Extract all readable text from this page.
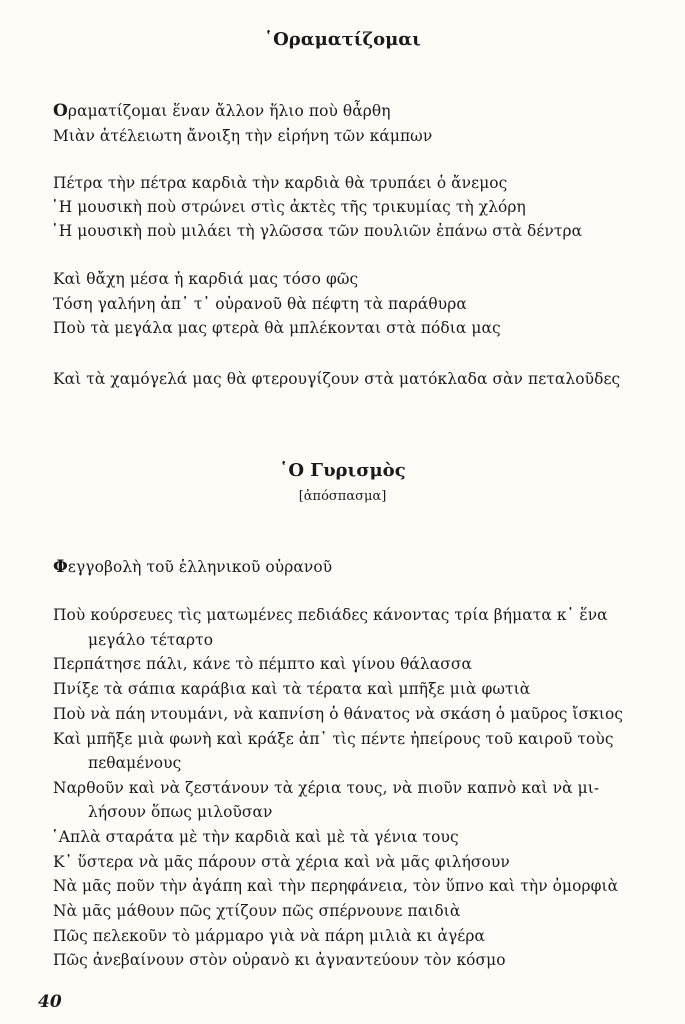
῾Οραματίζομαι
Οραματίζομαι ἕναν ἄλλον ἥλιο ποὺ θἆρθη
Μιὰν ἀτέλειωτη ἄνοιξη τὴν εἰρήνη τῶν κάμπων
Πέτρα τὴν πέτρα καρδιὰ τὴν καρδιὰ θὰ τρυπάει ὁ ἄνεμος
῾Η μουσικὴ ποὺ στρώνει στὶς ἀκτὲς τῆς τρικυμίας τὴ χλόρη
῾Η μουσικὴ ποὺ μιλάει τὴ γλῶσσα τῶν πουλιῶν ἐπάνω στὰ δέντρα
Καὶ θἄχη μέσα ἡ καρδιά μας τόσο φῶς
Τόση γαλήνη ἀπ᾿ τ᾿ οὐρανοῦ θὰ πέφτη τὰ παράθυρα
Ποὺ τὰ μεγάλα μας φτερὰ θὰ μπλέκονται στὰ πόδια μας
Καὶ τὰ χαμόγελά μας θὰ φτερουγίζουν στὰ ματόκλαδα σὰν πεταλοῦδες
῾Ο Γυρισμὸς
[ἀπόσπασμα]
Φεγγοβολὴ τοῦ ἑλληνικοῦ οὐρανοῦ
Ποὺ κούρσευες τὶς ματωμένες πεδιάδες κάνοντας τρία βήματα κ᾿ ἕνα
μεγάλο τέταρτο
Περπάτησε πάλι, κάνε τὸ πέμπτο καὶ γίνου θάλασσα
Πνίξε τὰ σάπια καράβια καὶ τὰ τέρατα καὶ μπῆξε μιὰ φωτιὰ
Ποὺ νὰ πάη ντουμάνι, νὰ καπνίση ὁ θάνατος νὰ σκάση ὁ μαῦρος ἴσκιος
Καὶ μπῆξε μιὰ φωνὴ καὶ κράξε ἀπ᾿ τὶς πέντε ἠπείρους τοῦ καιροῦ τοὺς
πεθαμένους
Ναρθοῦν καὶ νὰ ζεστάνουν τὰ χέρια τους, νὰ πιοῦν καπνὸ καὶ νὰ μι-
λήσουν ὅπως μιλοῦσαν
῾Απλὰ σταράτα μὲ τὴν καρδιὰ καὶ μὲ τὰ γένια τους
Κ᾿ ὕστερα νὰ μᾶς πάρουν στὰ χέρια καὶ νὰ μᾶς φιλήσουν
Νὰ μᾶς ποῦν τὴν ἀγάπη καὶ τὴν περηφάνεια, τὸν ὕπνο καὶ τὴν ὀμορφιὰ
Νὰ μᾶς μάθουν πῶς χτίζουν πῶς σπέρνουνε παιδιὰ
Πῶς πελεκοῦν τὸ μάρμαρο γιὰ νὰ πάρη μιλιὰ κι ἀγέρα
Πῶς ἀνεβαίνουν στὸν οὐρανὸ κι ἀγναντεύουν τὸν κόσμο
40
